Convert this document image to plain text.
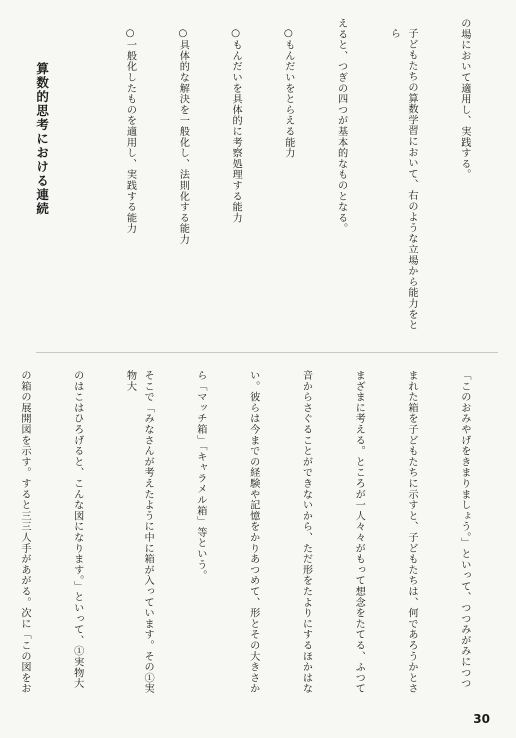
の場において適用し、実践する。

子どもたちの算数学習において、右のような立場から能力をとら

えると、つぎの四つが基本的なものとなる。

○もんだいをとらえる能力

○もんだいを具体的に考察処理する能力

○具体的な解決を一般化し、法則化する能力

○一般化したものを適用し、実践する能力

算数的思考における連続

「このおみやげをきまりましょう。」といって、つつみがみにつつ

まれた箱を子どもたちに示すと、子どもたちは、何であろうかとさ

まざまに考える。ところが一人々々がもって想念をたてる、ふつて

音からさぐることができないから、ただ形をたよりにするほかはな

い。彼らは今までの経験や記憶をかりあつめて、形とその大きさか

ら「マッチ箱」「キャラメル箱」等という。

そこで「みなさんが考えたように中に箱が入っています。その①実物大

のはこはひろげると、こんな図になります。」といって、①実物大

の箱の展開図を示す。すると三三人手があがる。次に「この図をお

30
